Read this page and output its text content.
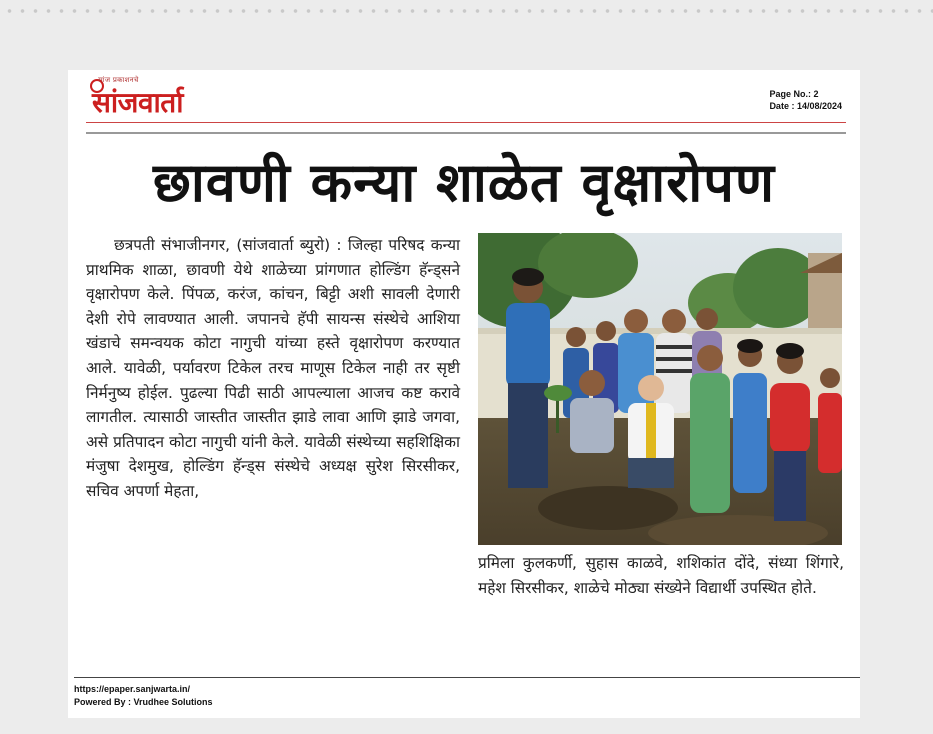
सांज प्रकाशनचे
सांजवार्ता	Page No.: 2
Date : 14/08/2024
छावणी कन्या शाळेत वृक्षारोपण

छत्रपती संभाजीनगर, (सांजवार्ता ब्युरो) : जिल्हा परिषद कन्या प्राथमिक शाळा, छावणी येथे शाळेच्या प्रांगणात होल्डिंग हॅन्ड्सने वृक्षारोपण केले. पिंपळ, करंज, कांचन, बिट्टी अशी सावली देणारी देशी रोपे लावण्यात आली. जपानचे हॅपी सायन्स संस्थेचे आशिया खंडाचे समन्वयक कोटा नागुची यांच्या हस्ते वृक्षारोपण करण्यात आले. यावेळी, पर्यावरण टिकेल तरच माणूस टिकेल नाही तर सृष्टी निर्मनुष्य होईल. पुढल्या पिढी साठी आपल्याला आजच कष्ट करावे लागतील. त्यासाठी जास्तीत जास्तीत झाडे लावा आणि झाडे जगवा, असे प्रतिपादन कोटा नागुची यांनी केले. यावेळी संस्थेच्या सहशिक्षिका मंजुषा देशमुख, होल्डिंग हॅन्ड्स संस्थेचे अध्यक्ष सुरेश सिरसीकर, सचिव अपर्णा मेहता,

प्रमिला कुलकर्णी, सुहास काळवे, शशिकांत दोंदे, संध्या शिंगारे, महेश सिरसीकर, शाळेचे मोठ्या संख्येने विद्यार्थी उपस्थित होते.
https://epaper.sanjwarta.in/
Powered By : Vrudhee Solutions
